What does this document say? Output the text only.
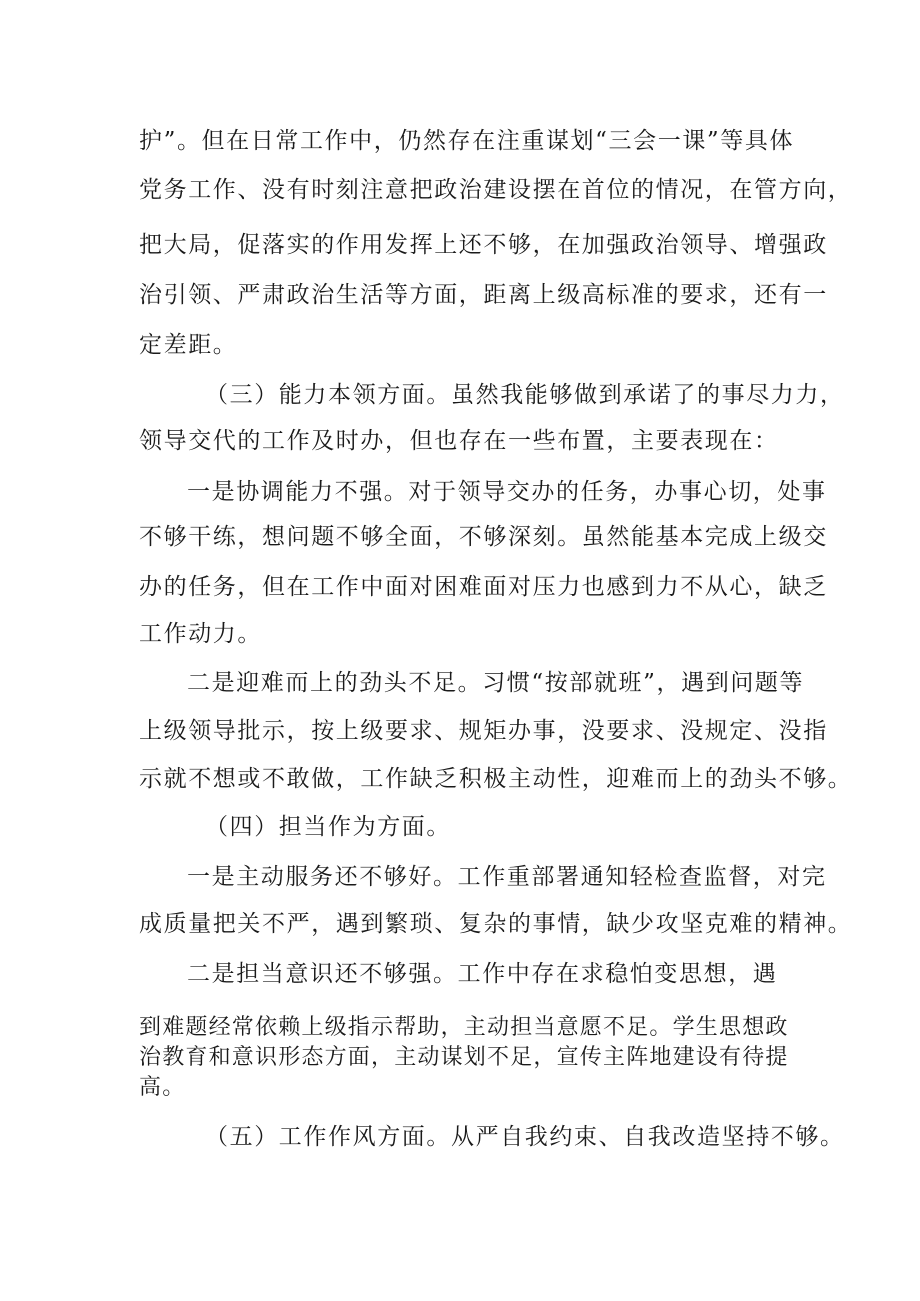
护”。但在日常工作中，仍然存在注重谋划“三会一课”等具体
党务工作、没有时刻注意把政治建设摆在首位的情况，在管方向，
把大局，促落实的作用发挥上还不够，在加强政治领导、增强政
治引领、严肃政治生活等方面，距离上级高标准的要求，还有一
定差距。
（三）能力本领方面。虽然我能够做到承诺了的事尽力力，
领导交代的工作及时办，但也存在一些布置，主要表现在：
一是协调能力不强。对于领导交办的任务，办事心切，处事
不够干练，想问题不够全面，不够深刻。虽然能基本完成上级交
办的任务，但在工作中面对困难面对压力也感到力不从心，缺乏
工作动力。
二是迎难而上的劲头不足。习惯“按部就班”，遇到问题等
上级领导批示，按上级要求、规矩办事，没要求、没规定、没指
示就不想或不敢做，工作缺乏积极主动性，迎难而上的劲头不够。
（四）担当作为方面。
一是主动服务还不够好。工作重部署通知轻检查监督，对完
成质量把关不严，遇到繁琐、复杂的事情，缺少攻坚克难的精神。
二是担当意识还不够强。工作中存在求稳怕变思想，遇
到难题经常依赖上级指示帮助，主动担当意愿不足。学生思想政
治教育和意识形态方面，主动谋划不足，宣传主阵地建设有待提
高。
（五）工作作风方面。从严自我约束、自我改造坚持不够。
